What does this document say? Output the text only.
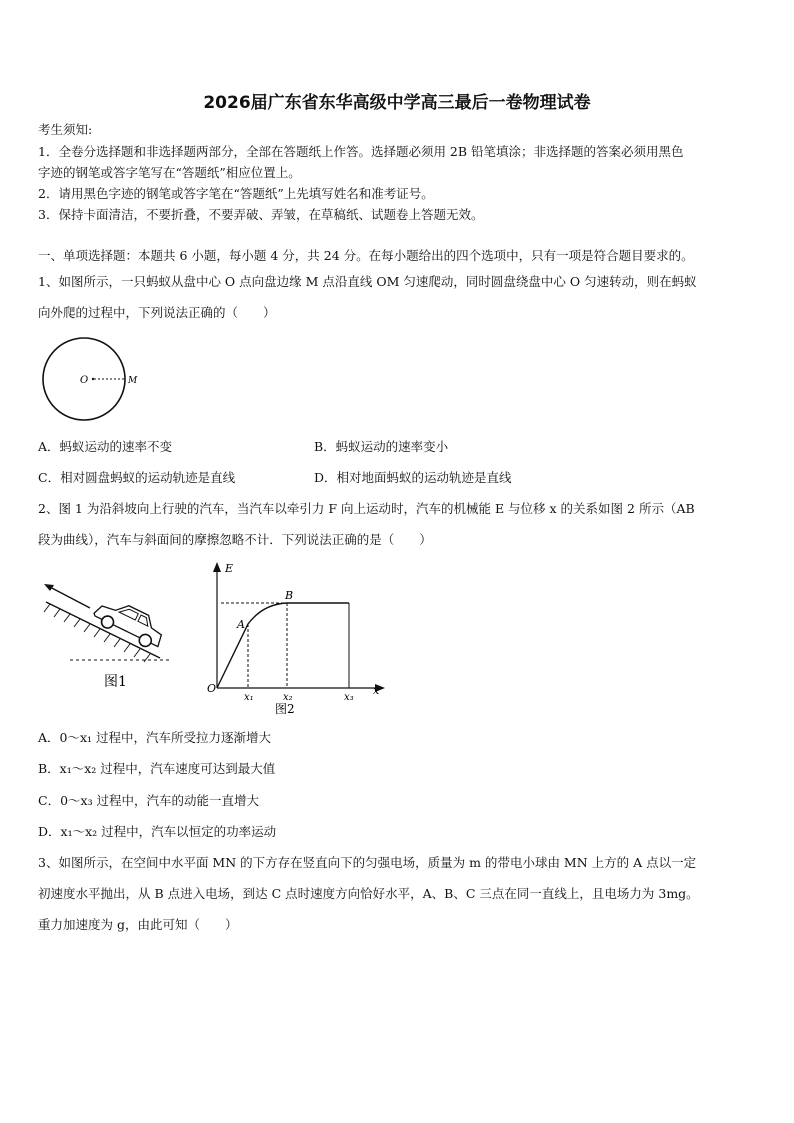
2026届广东省东华高级中学高三最后一卷物理试卷
考生须知:
1．全卷分选择题和非选择题两部分，全部在答题纸上作答。选择题必须用 2B 铅笔填涂；非选择题的答案必须用黑色
字迹的钢笔或答字笔写在“答题纸”相应位置上。
2．请用黑色字迹的钢笔或答字笔在“答题纸”上先填写姓名和准考证号。
3．保持卡面清洁，不要折叠，不要弄破、弄皱，在草稿纸、试题卷上答题无效。
一、单项选择题：本题共 6 小题，每小题 4 分，共 24 分。在每小题给出的四个选项中，只有一项是符合题目要求的。
1、如图所示，一只蚂蚁从盘中心 O 点向盘边缘 M 点沿直线 OM 匀速爬动，同时圆盘绕盘中心 O 匀速转动，则在蚂蚁
向外爬的过程中，下列说法正确的（　　）
O	M
A．蚂蚁运动的速率不变	B．蚂蚁运动的速率变小
C．相对圆盘蚂蚁的运动轨迹是直线	D．相对地面蚂蚁的运动轨迹是直线
2、图 1 为沿斜坡向上行驶的汽车，当汽车以牵引力 F 向上运动时，汽车的机械能 E 与位移 x 的关系如图 2 所示（AB
段为曲线），汽车与斜面间的摩擦忽略不计．下列说法正确的是（　　）
图1
E
x
O
A
B
x₁	x₂	x₃
图2
A．0～x₁ 过程中，汽车所受拉力逐渐增大
B．x₁～x₂ 过程中，汽车速度可达到最大值
C．0～x₃ 过程中，汽车的动能一直增大
D．x₁～x₂ 过程中，汽车以恒定的功率运动
3、如图所示，在空间中水平面 MN 的下方存在竖直向下的匀强电场，质量为 m 的带电小球由 MN 上方的 A 点以一定
初速度水平抛出，从 B 点进入电场，到达 C 点时速度方向恰好水平，A、B、C 三点在同一直线上，且电场力为 3mg。
重力加速度为 g，由此可知（　　）
